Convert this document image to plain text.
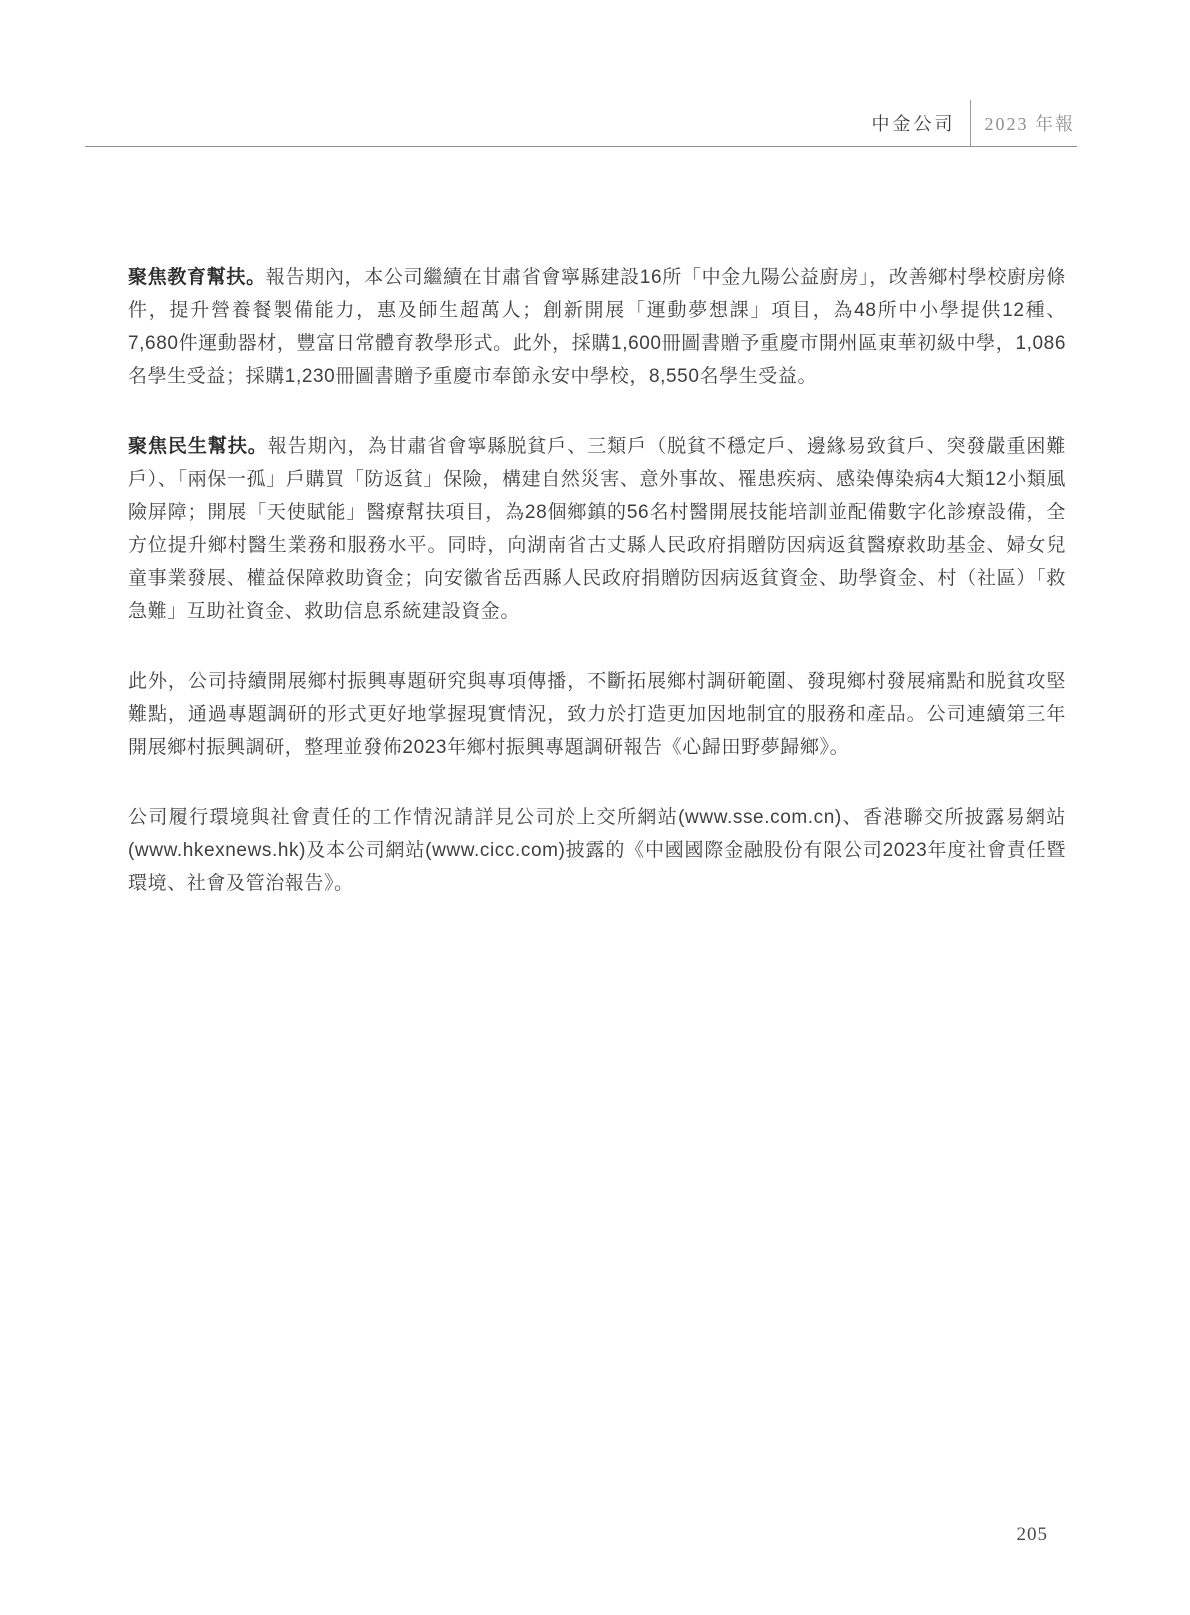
中金公司	2023 年報

聚焦教育幫扶。報告期內，本公司繼續在甘肅省會寧縣建設16所「中金九陽公益廚房」，改善鄉村學校廚房條件，提升營養餐製備能力，惠及師生超萬人；創新開展「運動夢想課」項目，為48所中小學提供12種、7,680件運動器材，豐富日常體育教學形式。此外，採購1,600冊圖書贈予重慶市開州區東華初級中學，1,086名學生受益；採購1,230冊圖書贈予重慶市奉節永安中學校，8,550名學生受益。

聚焦民生幫扶。報告期內，為甘肅省會寧縣脱貧戶、三類戶（脱貧不穩定戶、邊緣易致貧戶、突發嚴重困難戶）、「兩保一孤」戶購買「防返貧」保險，構建自然災害、意外事故、罹患疾病、感染傳染病4大類12小類風險屏障；開展「天使賦能」醫療幫扶項目，為28個鄉鎮的56名村醫開展技能培訓並配備數字化診療設備，全方位提升鄉村醫生業務和服務水平。同時，向湖南省古丈縣人民政府捐贈防因病返貧醫療救助基金、婦女兒童事業發展、權益保障救助資金；向安徽省岳西縣人民政府捐贈防因病返貧資金、助學資金、村（社區）「救急難」互助社資金、救助信息系統建設資金。

此外，公司持續開展鄉村振興專題研究與專項傳播，不斷拓展鄉村調研範圍、發現鄉村發展痛點和脱貧攻堅難點，通過專題調研的形式更好地掌握現實情況，致力於打造更加因地制宜的服務和產品。公司連續第三年開展鄉村振興調研，整理並發佈2023年鄉村振興專題調研報告《心歸田野夢歸鄉》。

公司履行環境與社會責任的工作情況請詳見公司於上交所網站(www.sse.com.cn)、香港聯交所披露易網站(www.hkexnews.hk)及本公司網站(www.cicc.com)披露的《中國國際金融股份有限公司2023年度社會責任暨環境、社會及管治報告》。

205
